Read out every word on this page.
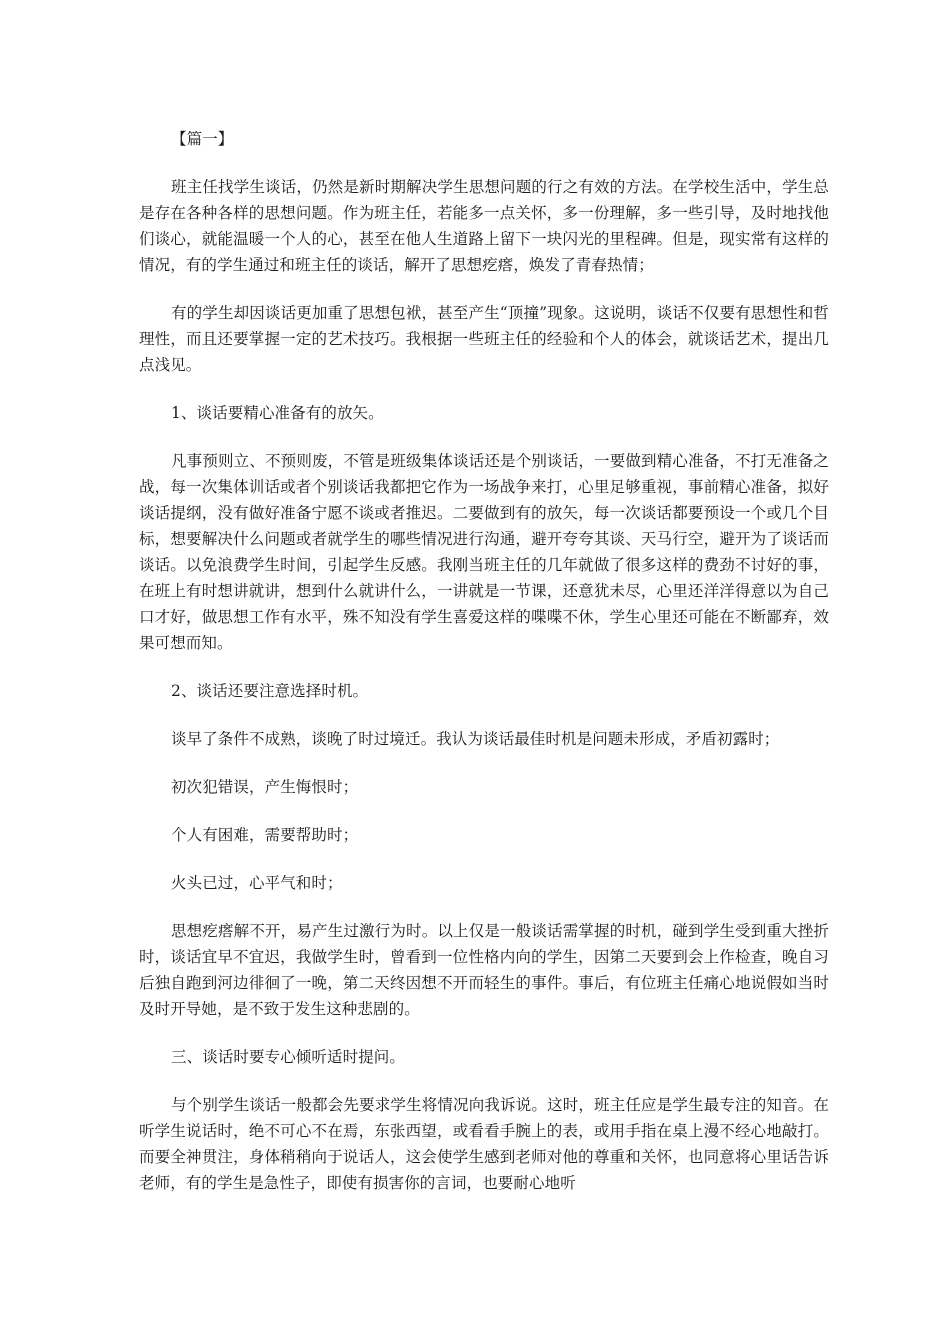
【篇一】

班主任找学生谈话，仍然是新时期解决学生思想问题的行之有效的方法。在学校生活中，学生总是存在各种各样的思想问题。作为班主任，若能多一点关怀，多一份理解，多一些引导，及时地找他们谈心，就能温暖一个人的心，甚至在他人生道路上留下一块闪光的里程碑。但是，现实常有这样的情况，有的学生通过和班主任的谈话，解开了思想疙瘩，焕发了青春热情；

有的学生却因谈话更加重了思想包袱，甚至产生“顶撞”现象。这说明，谈话不仅要有思想性和哲理性，而且还要掌握一定的艺术技巧。我根据一些班主任的经验和个人的体会，就谈话艺术，提出几点浅见。

1、谈话要精心准备有的放矢。

凡事预则立、不预则废，不管是班级集体谈话还是个别谈话，一要做到精心准备，不打无准备之战，每一次集体训话或者个别谈话我都把它作为一场战争来打，心里足够重视，事前精心准备，拟好谈话提纲，没有做好准备宁愿不谈或者推迟。二要做到有的放矢，每一次谈话都要预设一个或几个目标，想要解决什么问题或者就学生的哪些情况进行沟通，避开夸夸其谈、天马行空，避开为了谈话而谈话。以免浪费学生时间，引起学生反感。我刚当班主任的几年就做了很多这样的费劲不讨好的事，在班上有时想讲就讲，想到什么就讲什么，一讲就是一节课，还意犹未尽，心里还洋洋得意以为自己口才好，做思想工作有水平，殊不知没有学生喜爱这样的喋喋不休，学生心里还可能在不断鄙弃，效果可想而知。

2、谈话还要注意选择时机。

谈早了条件不成熟，谈晚了时过境迁。我认为谈话最佳时机是问题未形成，矛盾初露时；

初次犯错误，产生悔恨时；

个人有困难，需要帮助时；

火头已过，心平气和时；

思想疙瘩解不开，易产生过激行为时。以上仅是一般谈话需掌握的时机，碰到学生受到重大挫折时，谈话宜早不宜迟，我做学生时，曾看到一位性格内向的学生，因第二天要到会上作检查，晚自习后独自跑到河边徘徊了一晚，第二天终因想不开而轻生的事件。事后，有位班主任痛心地说假如当时及时开导她，是不致于发生这种悲剧的。

三、谈话时要专心倾听适时提问。

与个别学生谈话一般都会先要求学生将情况向我诉说。这时，班主任应是学生最专注的知音。在听学生说话时，绝不可心不在焉，东张西望，或看看手腕上的表，或用手指在桌上漫不经心地敲打。而要全神贯注，身体稍稍向于说话人，这会使学生感到老师对他的尊重和关怀，也同意将心里话告诉老师，有的学生是急性子，即使有损害你的言词，也要耐心地听
